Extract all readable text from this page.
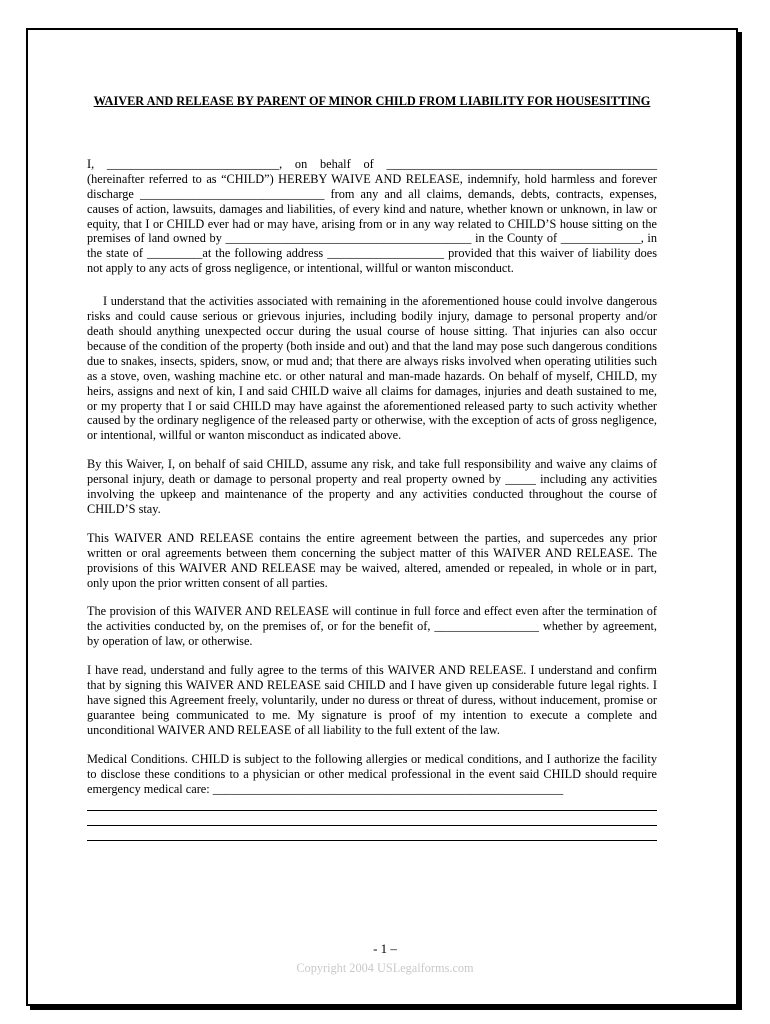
WAIVER AND RELEASE BY PARENT OF MINOR CHILD FROM LIABILITY FOR HOUSESITTING

I, ____________________________, on behalf of ____________________________________________ (hereinafter referred to as “CHILD”) HEREBY WAIVE AND RELEASE, indemnify, hold harmless and forever discharge ______________________________ from any and all claims, demands, debts, contracts, expenses, causes of action, lawsuits, damages and liabilities, of every kind and nature, whether known or unknown, in law or equity, that I or CHILD ever had or may have, arising from or in any way related to CHILD’S house sitting on the premises of land owned by ________________________________________ in the County of _____________, in the state of _________at the following address ___________________ provided that this waiver of liability does not apply to any acts of gross negligence, or intentional, willful or wanton misconduct.

I understand that the activities associated with remaining in the aforementioned house could involve dangerous risks and could cause serious or grievous injuries, including bodily injury, damage to personal property and/or death should anything unexpected occur during the usual course of house sitting. That injuries can also occur because of the condition of the property (both inside and out) and that the land may pose such dangerous conditions due to snakes, insects, spiders, snow, or mud and; that there are always risks involved when operating utilities such as a stove, oven, washing machine etc. or other natural and man-made hazards. On behalf of myself, CHILD, my heirs, assigns and next of kin, I and said CHILD waive all claims for damages, injuries and death sustained to me, or my property that I or said CHILD may have against the aforementioned released party to such activity whether caused by the ordinary negligence of the released party or otherwise, with the exception of acts of gross negligence, or intentional, willful or wanton misconduct as indicated above.

By this Waiver, I, on behalf of said CHILD, assume any risk, and take full responsibility and waive any claims of personal injury, death or damage to personal property and real property owned by _____ including any activities involving the upkeep and maintenance of the property and any activities conducted throughout the course of CHILD’S stay.

This WAIVER AND RELEASE contains the entire agreement between the parties, and supercedes any prior written or oral agreements between them concerning the subject matter of this WAIVER AND RELEASE. The provisions of this WAIVER AND RELEASE may be waived, altered, amended or repealed, in whole or in part, only upon the prior written consent of all parties.

The provision of this WAIVER AND RELEASE will continue in full force and effect even after the termination of the activities conducted by, on the premises of, or for the benefit of, _________________ whether by agreement, by operation of law, or otherwise.

I have read, understand and fully agree to the terms of this WAIVER AND RELEASE. I understand and confirm that by signing this WAIVER AND RELEASE said CHILD and I have given up considerable future legal rights. I have signed this Agreement freely, voluntarily, under no duress or threat of duress, without inducement, promise or guarantee being communicated to me. My signature is proof of my intention to execute a complete and unconditional WAIVER AND RELEASE of all liability to the full extent of the law.

Medical Conditions. CHILD is subject to the following allergies or medical conditions, and I authorize the facility to disclose these conditions to a physician or other medical professional in the event said CHILD should require emergency medical care: _________________________________________________________

- 1 –
Copyright 2004 USLegalforms.com
